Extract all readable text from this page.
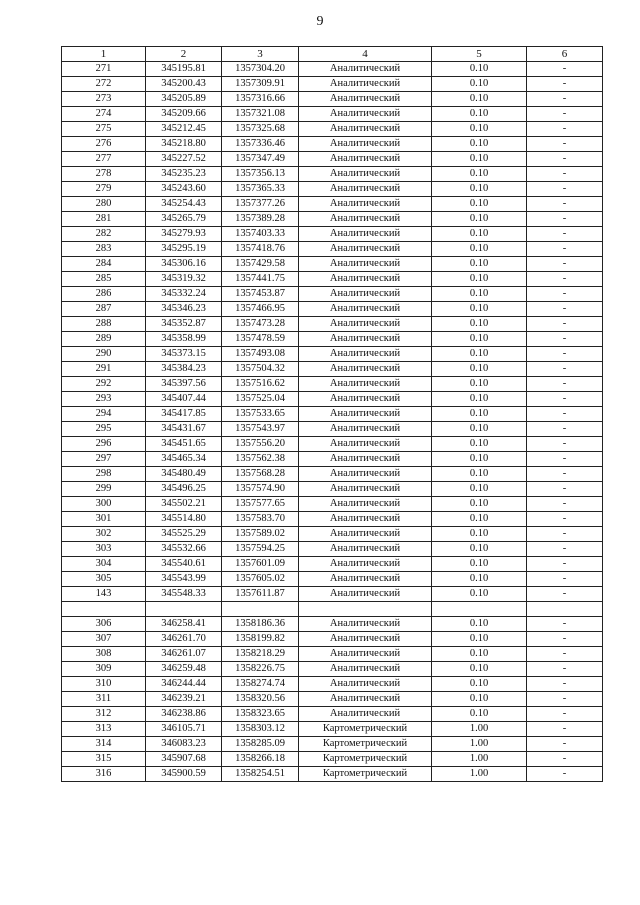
9
1	2	3	4	5	6
271	345195.81	1357304.20	Аналитический	0.10	-
272	345200.43	1357309.91	Аналитический	0.10	-
273	345205.89	1357316.66	Аналитический	0.10	-
274	345209.66	1357321.08	Аналитический	0.10	-
275	345212.45	1357325.68	Аналитический	0.10	-
276	345218.80	1357336.46	Аналитический	0.10	-
277	345227.52	1357347.49	Аналитический	0.10	-
278	345235.23	1357356.13	Аналитический	0.10	-
279	345243.60	1357365.33	Аналитический	0.10	-
280	345254.43	1357377.26	Аналитический	0.10	-
281	345265.79	1357389.28	Аналитический	0.10	-
282	345279.93	1357403.33	Аналитический	0.10	-
283	345295.19	1357418.76	Аналитический	0.10	-
284	345306.16	1357429.58	Аналитический	0.10	-
285	345319.32	1357441.75	Аналитический	0.10	-
286	345332.24	1357453.87	Аналитический	0.10	-
287	345346.23	1357466.95	Аналитический	0.10	-
288	345352.87	1357473.28	Аналитический	0.10	-
289	345358.99	1357478.59	Аналитический	0.10	-
290	345373.15	1357493.08	Аналитический	0.10	-
291	345384.23	1357504.32	Аналитический	0.10	-
292	345397.56	1357516.62	Аналитический	0.10	-
293	345407.44	1357525.04	Аналитический	0.10	-
294	345417.85	1357533.65	Аналитический	0.10	-
295	345431.67	1357543.97	Аналитический	0.10	-
296	345451.65	1357556.20	Аналитический	0.10	-
297	345465.34	1357562.38	Аналитический	0.10	-
298	345480.49	1357568.28	Аналитический	0.10	-
299	345496.25	1357574.90	Аналитический	0.10	-
300	345502.21	1357577.65	Аналитический	0.10	-
301	345514.80	1357583.70	Аналитический	0.10	-
302	345525.29	1357589.02	Аналитический	0.10	-
303	345532.66	1357594.25	Аналитический	0.10	-
304	345540.61	1357601.09	Аналитический	0.10	-
305	345543.99	1357605.02	Аналитический	0.10	-
143	345548.33	1357611.87	Аналитический	0.10	-

306	346258.41	1358186.36	Аналитический	0.10	-
307	346261.70	1358199.82	Аналитический	0.10	-
308	346261.07	1358218.29	Аналитический	0.10	-
309	346259.48	1358226.75	Аналитический	0.10	-
310	346244.44	1358274.74	Аналитический	0.10	-
311	346239.21	1358320.56	Аналитический	0.10	-
312	346238.86	1358323.65	Аналитический	0.10	-
313	346105.71	1358303.12	Картометрический	1.00	-
314	346083.23	1358285.09	Картометрический	1.00	-
315	345907.68	1358266.18	Картометрический	1.00	-
316	345900.59	1358254.51	Картометрический	1.00	-
